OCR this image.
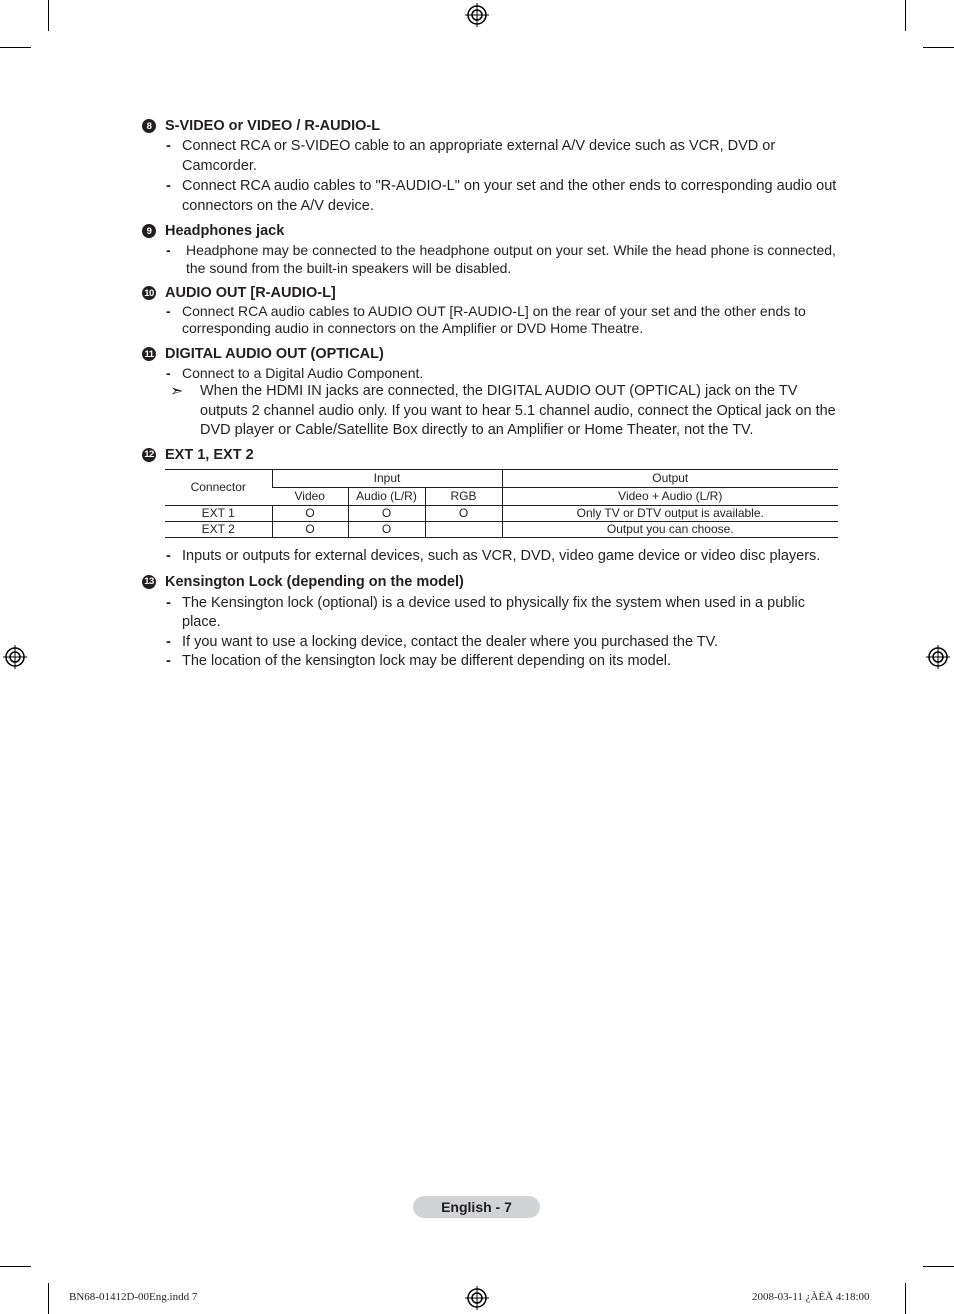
8 S-VIDEO or VIDEO / R-AUDIO-L
- Connect RCA or S-VIDEO cable to an appropriate external A/V device such as VCR, DVD or Camcorder.
- Connect RCA audio cables to "R-AUDIO-L" on your set and the other ends to corresponding audio out connectors on the A/V device.
9 Headphones jack
- Headphone may be connected to the headphone output on your set. While the head phone is connected, the sound from the built-in speakers will be disabled.
10 AUDIO OUT [R-AUDIO-L]
- Connect RCA audio cables to AUDIO OUT [R-AUDIO-L] on the rear of your set and the other ends to corresponding audio in connectors on the Amplifier or DVD Home Theatre.
11 DIGITAL AUDIO OUT (OPTICAL)
- Connect to a Digital Audio Component.
➣ When the HDMI IN jacks are connected, the DIGITAL AUDIO OUT (OPTICAL) jack on the TV outputs 2 channel audio only. If you want to hear 5.1 channel audio, connect the Optical jack on the DVD player or Cable/Satellite Box directly to an Amplifier or Home Theater, not the TV.
12 EXT 1, EXT 2
Connector	Input			Output
	Video	Audio (L/R)	RGB	Video + Audio (L/R)
EXT 1	O	O	O	Only TV or DTV output is available.
EXT 2	O	O		Output you can choose.
- Inputs or outputs for external devices, such as VCR, DVD, video game device or video disc players.
13 Kensington Lock (depending on the model)
- The Kensington lock (optional) is a device used to physically fix the system when used in a public place.
- If you want to use a locking device, contact the dealer where you purchased the TV.
- The location of the kensington lock may be different depending on its model.
English - 7
BN68-01412D-00Eng.indd 7	2008-03-11 ¿ÀÈÄ 4:18:00
